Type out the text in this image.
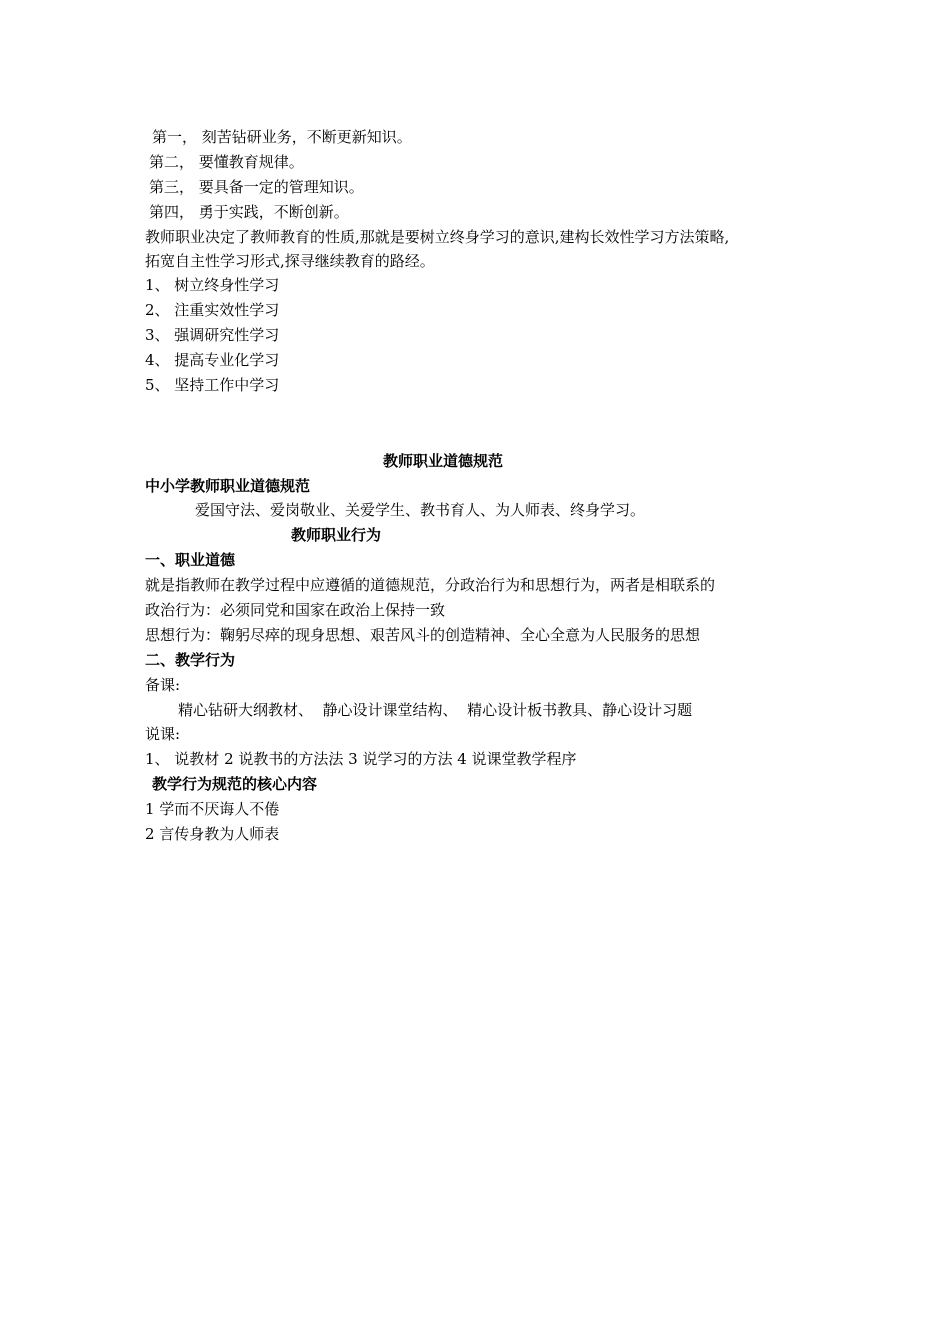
第一， 刻苦钻研业务，不断更新知识。
第二， 要懂教育规律。
第三， 要具备一定的管理知识。
第四， 勇于实践，不断创新。
教师职业决定了教师教育的性质,那就是要树立终身学习的意识,建构长效性学习方法策略,
拓宽自主性学习形式,探寻继续教育的路经。
1、 树立终身性学习
2、 注重实效性学习
3、 强调研究性学习
4、 提高专业化学习
5、 坚持工作中学习
教师职业道德规范
中小学教师职业道德规范
爱国守法、爱岗敬业、关爱学生、教书育人、为人师表、终身学习。
教师职业行为
一、职业道德
就是指教师在教学过程中应遵循的道德规范，分政治行为和思想行为，两者是相联系的
政治行为：必须同党和国家在政治上保持一致
思想行为：鞠躬尽瘁的现身思想、艰苦风斗的创造精神、全心全意为人民服务的思想
二、教学行为
备课:
精心钻研大纲教材、  静心设计课堂结构、  精心设计板书教具、静心设计习题
说课:
1、 说教材 2 说教书的方法法 3 说学习的方法 4 说课堂教学程序
教学行为规范的核心内容
1 学而不厌诲人不倦
2 言传身教为人师表
